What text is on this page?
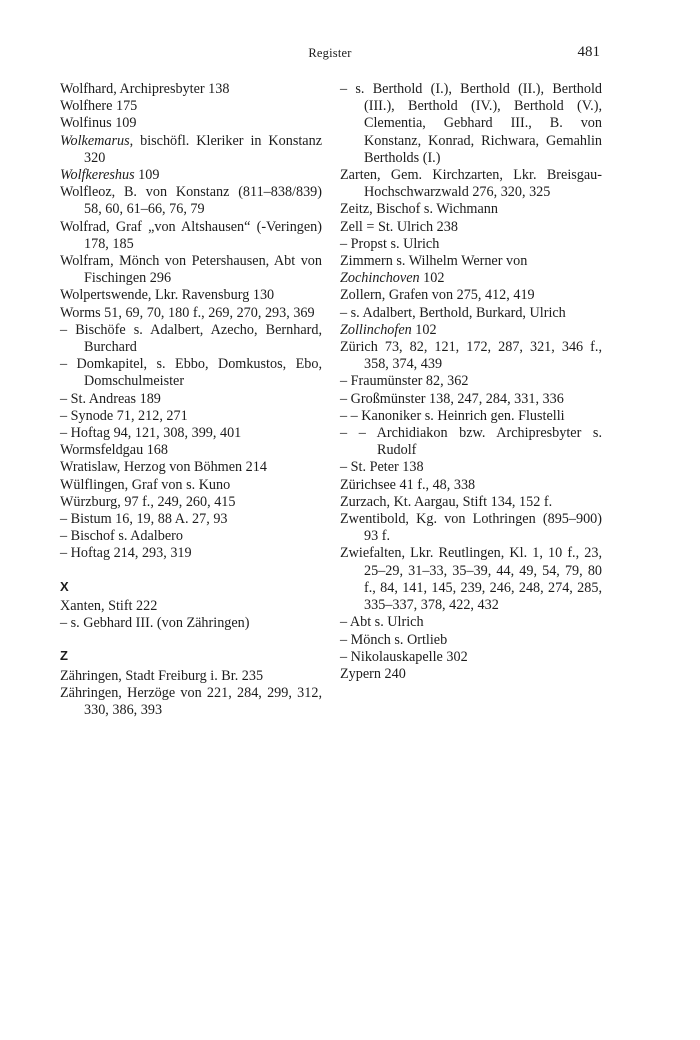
Register	481
Wolfhard, Archipresbyter 138
Wolfhere 175
Wolfinus 109
Wolkemarus, bischöfl. Kleriker in Konstanz 320
Wolfkereshus 109
Wolfleoz, B. von Konstanz (811–838/839) 58, 60, 61–66, 76, 79
Wolfrad, Graf „von Altshausen“ (-Veringen) 178, 185
Wolfram, Mönch von Petershausen, Abt von Fischingen 296
Wolpertswende, Lkr. Ravensburg 130
Worms 51, 69, 70, 180 f., 269, 270, 293, 369
– Bischöfe s. Adalbert, Azecho, Bernhard, Burchard
– Domkapitel, s. Ebbo, Domkustos, Ebo, Domschulmeister
– St. Andreas 189
– Synode 71, 212, 271
– Hoftag 94, 121, 308, 399, 401
Wormsfeldgau 168
Wratislaw, Herzog von Böhmen 214
Wülflingen, Graf von s. Kuno
Würzburg, 97 f., 249, 260, 415
– Bistum 16, 19, 88 A. 27, 93
– Bischof s. Adalbero
– Hoftag 214, 293, 319
X
Xanten, Stift 222
– s. Gebhard III. (von Zähringen)
Z
Zähringen, Stadt Freiburg i. Br. 235
Zähringen, Herzöge von 221, 284, 299, 312, 330, 386, 393
– s. Berthold (I.), Berthold (II.), Berthold (III.), Berthold (IV.), Berthold (V.), Clementia, Gebhard III., B. von Konstanz, Konrad, Richwara, Gemahlin Bertholds (I.)
Zarten, Gem. Kirchzarten, Lkr. Breisgau-Hochschwarzwald 276, 320, 325
Zeitz, Bischof s. Wichmann
Zell = St. Ulrich 238
– Propst s. Ulrich
Zimmern s. Wilhelm Werner von
Zochinchoven 102
Zollern, Grafen von 275, 412, 419
– s. Adalbert, Berthold, Burkard, Ulrich
Zollinchofen 102
Zürich 73, 82, 121, 172, 287, 321, 346 f., 358, 374, 439
– Fraumünster 82, 362
– Großmünster 138, 247, 284, 331, 336
– – Kanoniker s. Heinrich gen. Flustelli
– – Archidiakon bzw. Archipresbyter s. Rudolf
– St. Peter 138
Zürichsee 41 f., 48, 338
Zurzach, Kt. Aargau, Stift 134, 152 f.
Zwentibold, Kg. von Lothringen (895–900) 93 f.
Zwiefalten, Lkr. Reutlingen, Kl. 1, 10 f., 23, 25–29, 31–33, 35–39, 44, 49, 54, 79, 80 f., 84, 141, 145, 239, 246, 248, 274, 285, 335–337, 378, 422, 432
– Abt s. Ulrich
– Mönch s. Ortlieb
– Nikolauskapelle 302
Zypern 240
